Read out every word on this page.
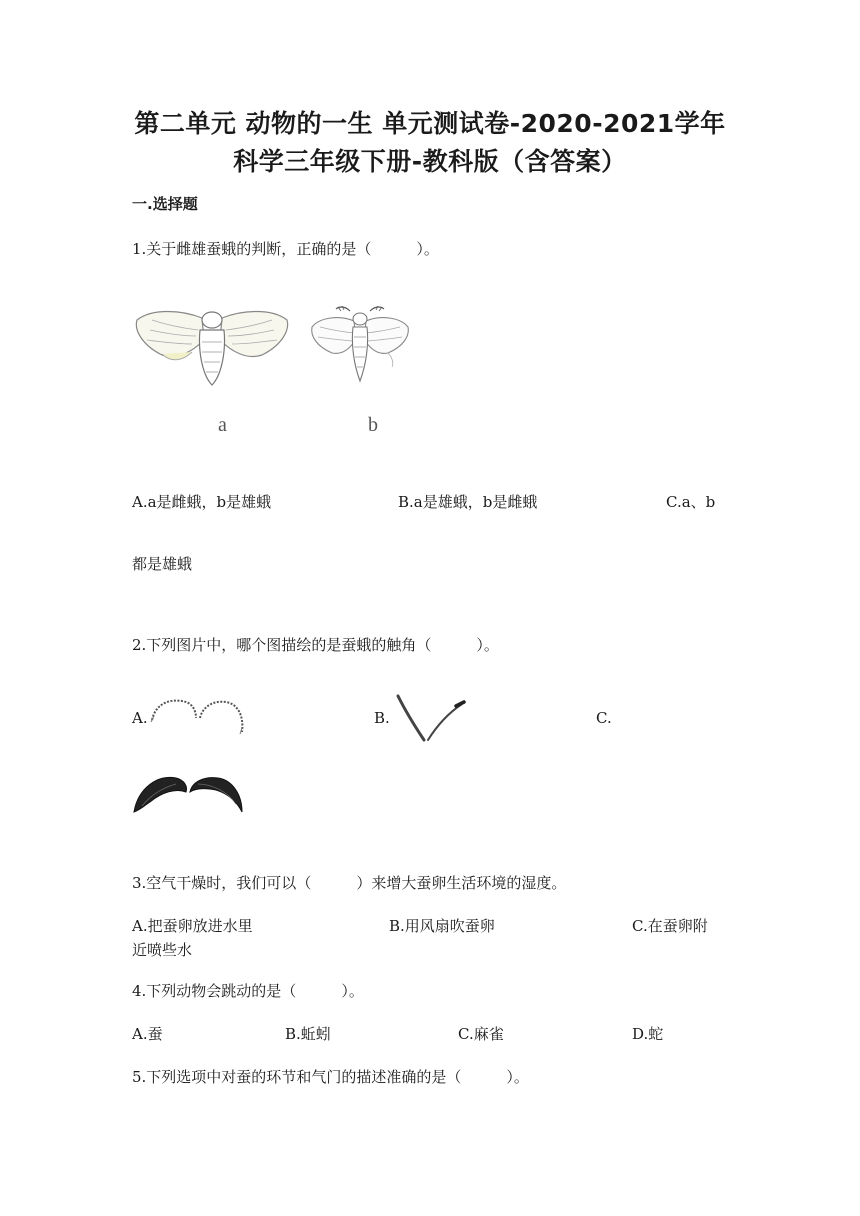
第二单元 动物的一生 单元测试卷-2020-2021学年
科学三年级下册-教科版（含答案）
一.选择题
1.关于雌雄蚕蛾的判断，正确的是（　　　）。
a	b
A.a是雌蛾，b是雄蛾	B.a是雄蛾，b是雌蛾	C.a、b
都是雄蛾
2.下列图片中，哪个图描绘的是蚕蛾的触角（　　　）。
A.	B.	C.
3.空气干燥时，我们可以（　　　）来增大蚕卵生活环境的湿度。
A.把蚕卵放进水里	B.用风扇吹蚕卵	C.在蚕卵附
近喷些水
4.下列动物会跳动的是（　　　）。
A.蚕	B.蚯蚓	C.麻雀	D.蛇
5.下列选项中对蚕的环节和气门的描述准确的是（　　　）。
